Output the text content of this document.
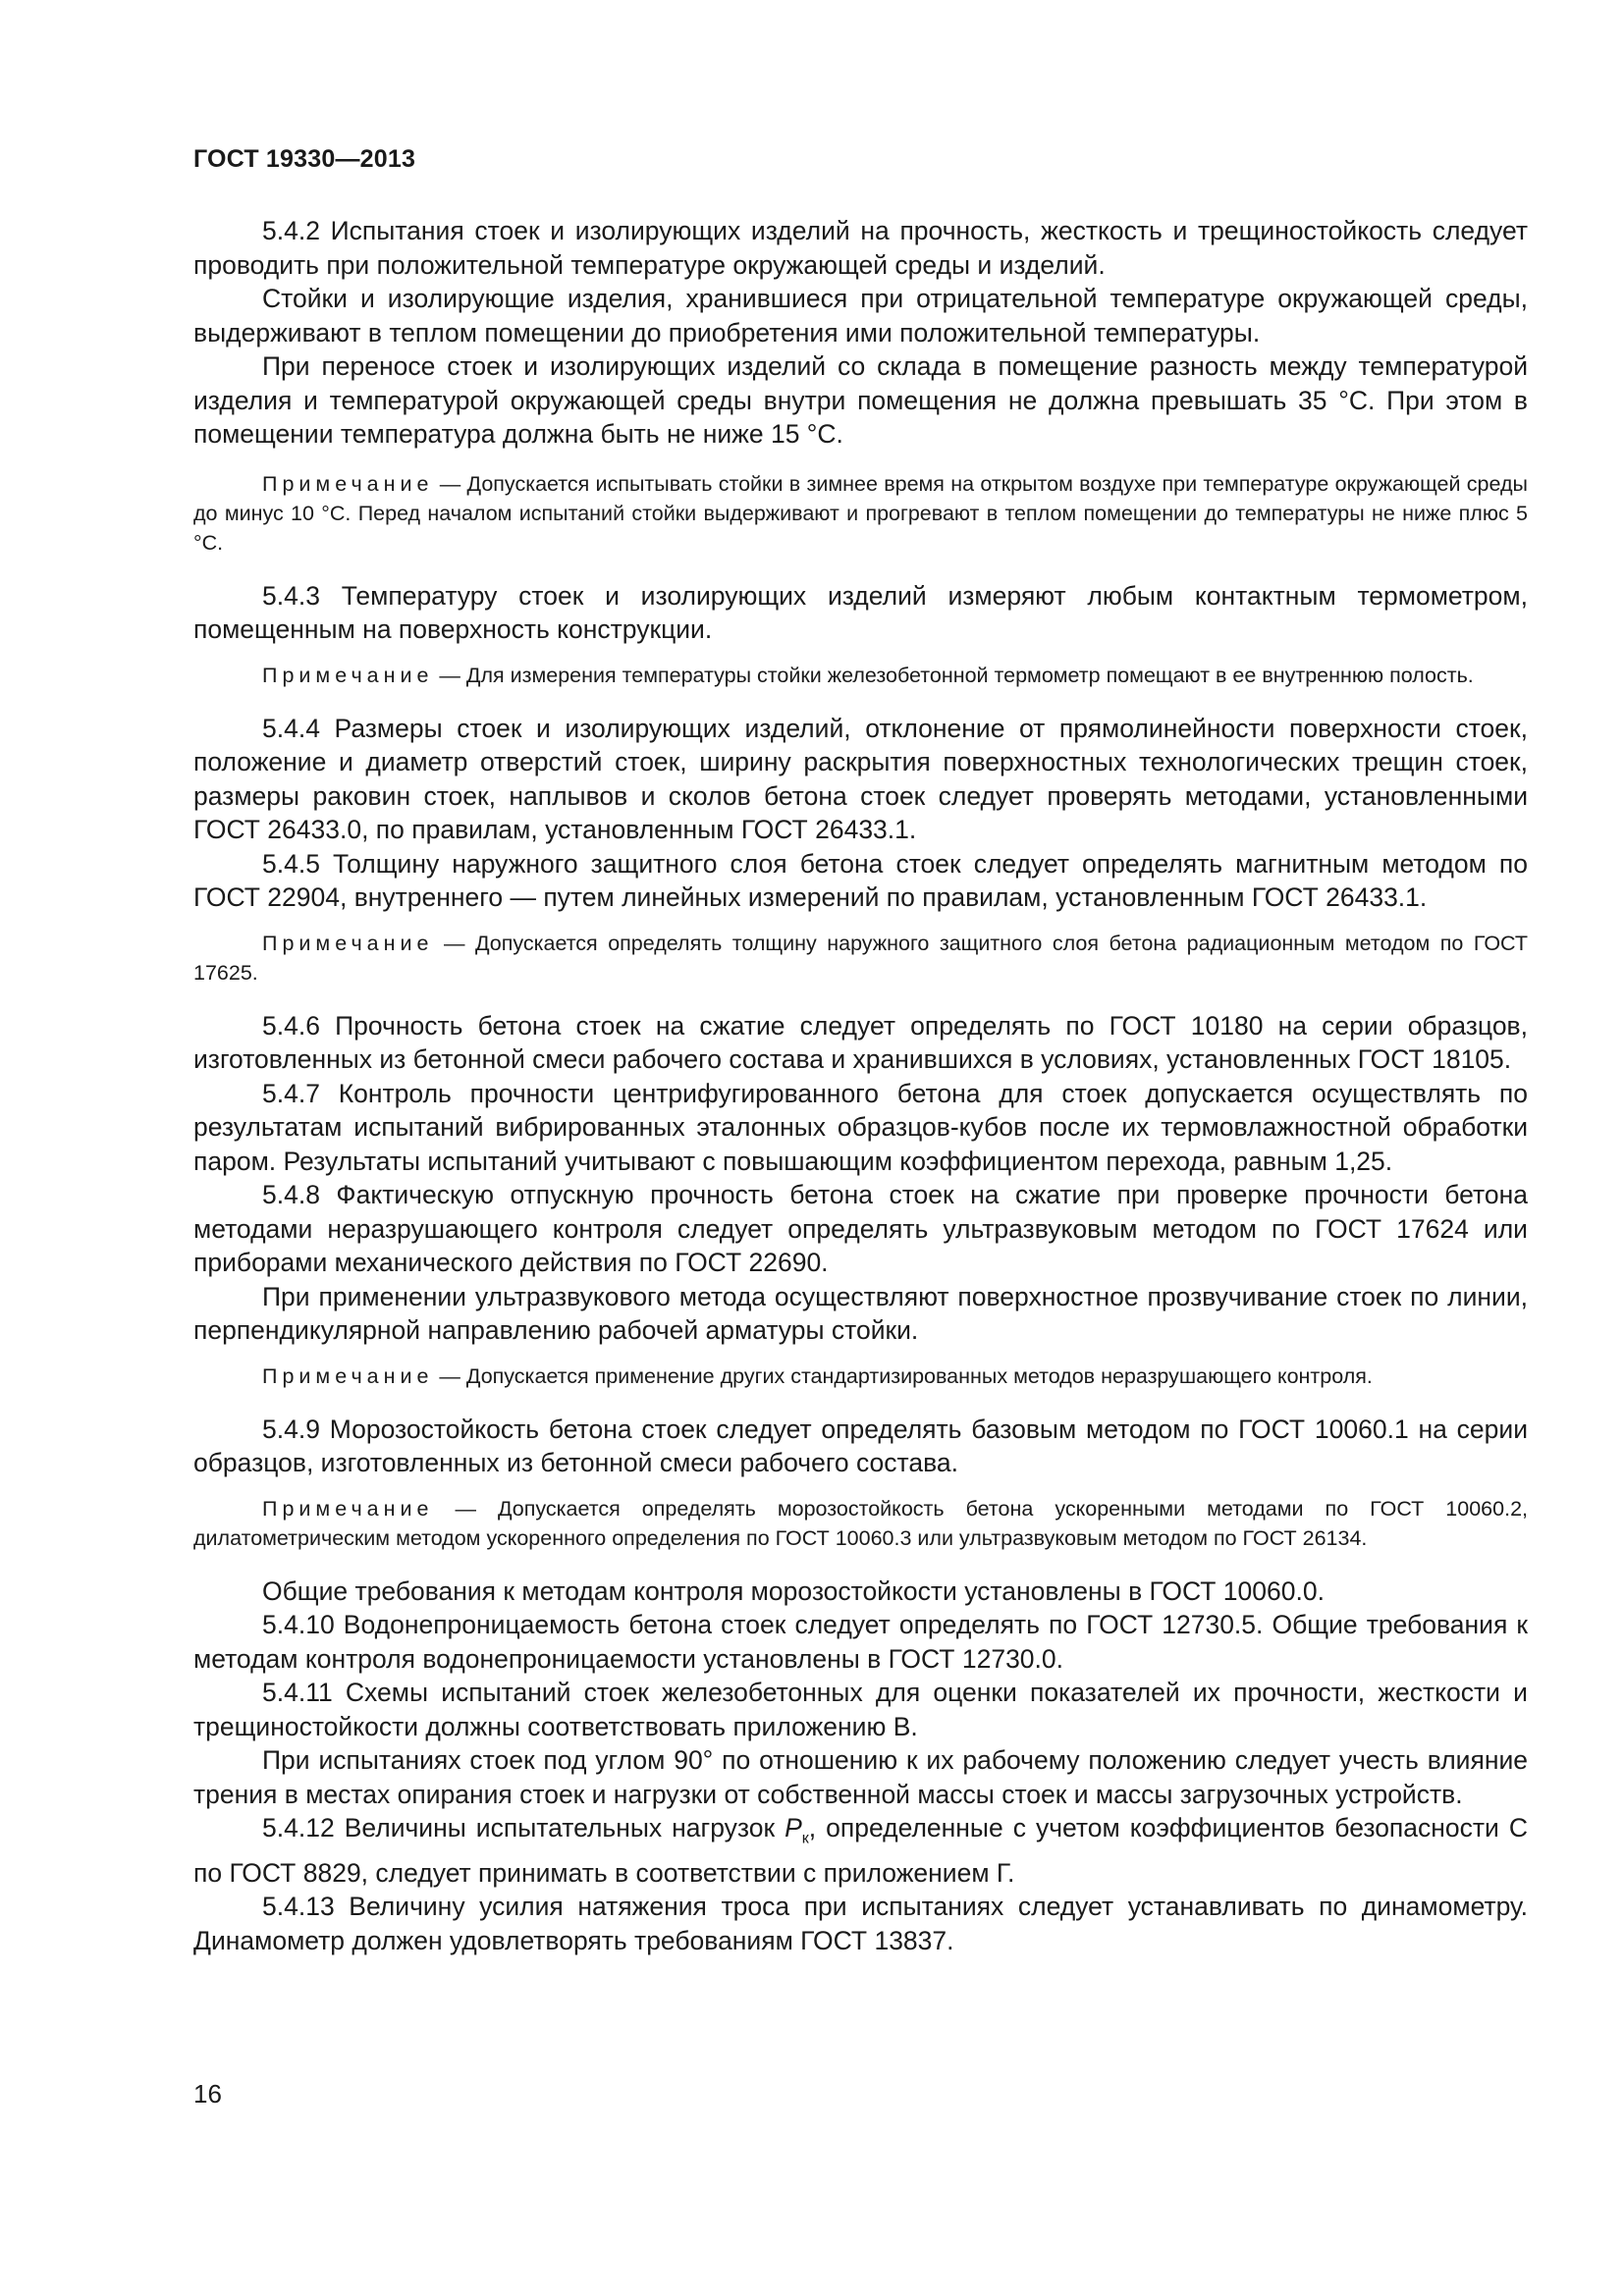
ГОСТ 19330—2013

5.4.2 Испытания стоек и изолирующих изделий на прочность, жесткость и трещиностойкость следует проводить при положительной температуре окружающей среды и изделий.

Стойки и изолирующие изделия, хранившиеся при отрицательной температуре окружающей среды, выдерживают в теплом помещении до приобретения ими положительной температуры.

При переносе стоек и изолирующих изделий со склада в помещение разность между температурой изделия и температурой окружающей среды внутри помещения не должна превышать 35 °С. При этом в помещении температура должна быть не ниже 15 °С.

Примечание — Допускается испытывать стойки в зимнее время на открытом воздухе при температуре окружающей среды до минус 10 °С. Перед началом испытаний стойки выдерживают и прогревают в теплом помещении до температуры не ниже плюс 5 °С.

5.4.3 Температуру стоек и изолирующих изделий измеряют любым контактным термометром, помещенным на поверхность конструкции.

Примечание — Для измерения температуры стойки железобетонной термометр помещают в ее внутреннюю полость.

5.4.4 Размеры стоек и изолирующих изделий, отклонение от прямолинейности поверхности стоек, положение и диаметр отверстий стоек, ширину раскрытия поверхностных технологических трещин стоек, размеры раковин стоек, наплывов и сколов бетона стоек следует проверять методами, установленными ГОСТ 26433.0, по правилам, установленным ГОСТ 26433.1.

5.4.5 Толщину наружного защитного слоя бетона стоек следует определять магнитным методом по ГОСТ 22904, внутреннего — путем линейных измерений по правилам, установленным ГОСТ 26433.1.

Примечание — Допускается определять толщину наружного защитного слоя бетона радиационным методом по ГОСТ 17625.

5.4.6 Прочность бетона стоек на сжатие следует определять по ГОСТ 10180 на серии образцов, изготовленных из бетонной смеси рабочего состава и хранившихся в условиях, установленных ГОСТ 18105.

5.4.7 Контроль прочности центрифугированного бетона для стоек допускается осуществлять по результатам испытаний вибрированных эталонных образцов-кубов после их термовлажностной обработки паром. Результаты испытаний учитывают с повышающим коэффициентом перехода, равным 1,25.

5.4.8 Фактическую отпускную прочность бетона стоек на сжатие при проверке прочности бетона методами неразрушающего контроля следует определять ультразвуковым методом по ГОСТ 17624 или приборами механического действия по ГОСТ 22690.

При применении ультразвукового метода осуществляют поверхностное прозвучивание стоек по линии, перпендикулярной направлению рабочей арматуры стойки.

Примечание — Допускается применение других стандартизированных методов неразрушающего контроля.

5.4.9 Морозостойкость бетона стоек следует определять базовым методом по ГОСТ 10060.1 на серии образцов, изготовленных из бетонной смеси рабочего состава.

Примечание — Допускается определять морозостойкость бетона ускоренными методами по ГОСТ 10060.2, дилатометрическим методом ускоренного определения по ГОСТ 10060.3 или ультразвуковым методом по ГОСТ 26134.

Общие требования к методам контроля морозостойкости установлены в ГОСТ 10060.0.

5.4.10 Водонепроницаемость бетона стоек следует определять по ГОСТ 12730.5. Общие требования к методам контроля водонепроницаемости установлены в ГОСТ 12730.0.

5.4.11 Схемы испытаний стоек железобетонных для оценки показателей их прочности, жесткости и трещиностойкости должны соответствовать приложению В.

При испытаниях стоек под углом 90° по отношению к их рабочему положению следует учесть влияние трения в местах опирания стоек и нагрузки от собственной массы стоек и массы загрузочных устройств.

5.4.12 Величины испытательных нагрузок $P_к$, определенные с учетом коэффициентов безопасности С по ГОСТ 8829, следует принимать в соответствии с приложением Г.

5.4.13 Величину усилия натяжения троса при испытаниях следует устанавливать по динамометру. Динамометр должен удовлетворять требованиям ГОСТ 13837.

16
